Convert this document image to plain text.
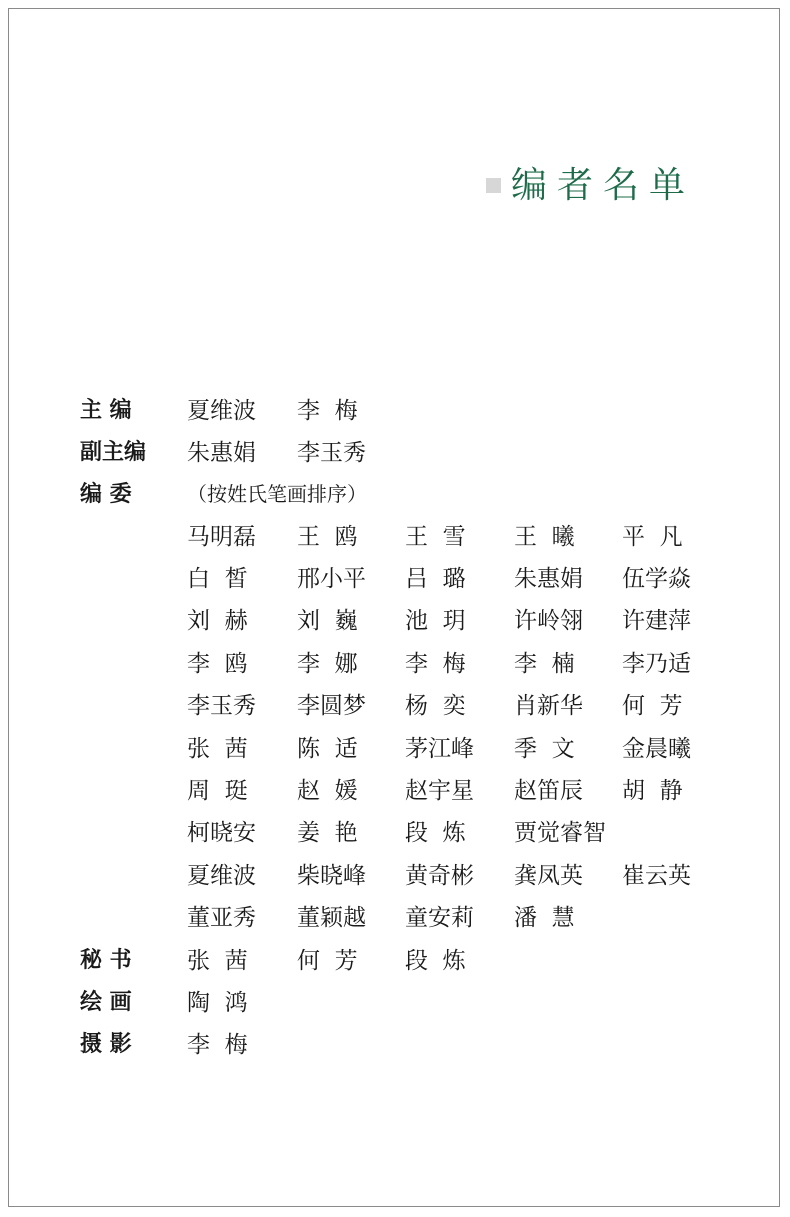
编者名单
主 编 夏维波 李  梅
副主编 朱惠娟 李玉秀
编 委	（按姓氏笔画排序）
马明磊 王  鸥 王  雪 王  曦 平  凡
白  皙 邢小平 吕  璐 朱惠娟 伍学焱
刘  赫 刘  巍 池  玥 许岭翎 许建萍
李  鸥 李  娜 李  梅 李  楠 李乃适
李玉秀 李圆梦 杨  奕 肖新华 何  芳
张  茜 陈  适 茅江峰 季  文 金晨曦
周  珽 赵  媛 赵宇星 赵笛辰 胡  静
柯晓安 姜  艳 段  炼 贾觉睿智
夏维波 柴晓峰 黄奇彬 龚凤英 崔云英
董亚秀 董颖越 童安莉 潘  慧
秘 书 张  茜 何  芳 段  炼
绘 画 陶  鸿
摄 影 李  梅
